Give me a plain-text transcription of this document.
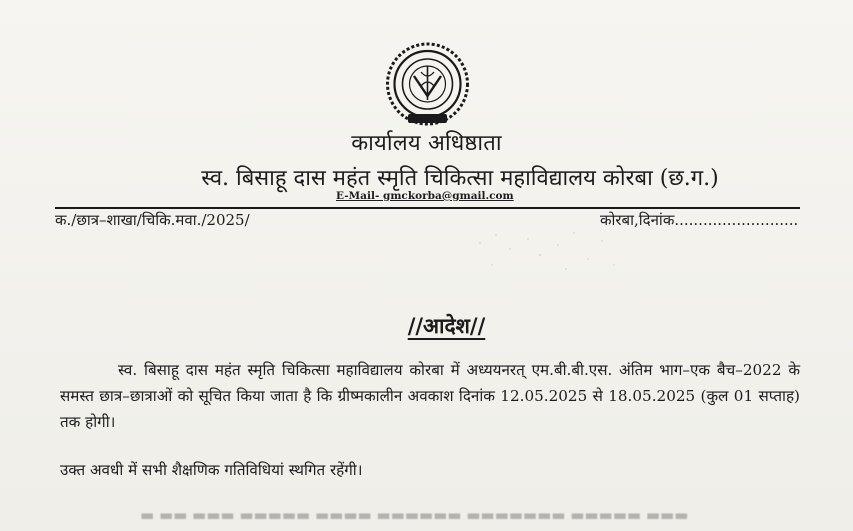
कार्यालय अधिष्ठाता
स्व. बिसाहू दास महंत स्मृति चिकित्सा महाविद्यालय कोरबा (छ.ग.)
E-Mail- gmckorba@gmail.com
क./छात्र–शाखा/चिकि.मवा./2025/	कोरबा,दिनांक..........................
//आदेश//
स्व. बिसाहू दास महंत स्मृति चिकित्सा महाविद्यालय कोरबा में अध्ययनरत् एम.बी.बी.एस. अंतिम भाग–एक बैच–2022 के समस्त छात्र–छात्राओं को सूचित किया जाता है कि ग्रीष्मकालीन अवकाश दिनांक 12.05.2025 से 18.05.2025 (कुल 01 सप्ताह) तक होगी।
उक्त अवधी में सभी शैक्षणिक गतिविधियां स्थगित रहेंगी।
▬ ▬▬ ▬▬▬ ▬▬▬▬▬ ▬▬▬▬ ▬▬▬▬▬▬ ▬▬▬▬▬▬▬ ▬▬▬▬▬ ▬▬▬
